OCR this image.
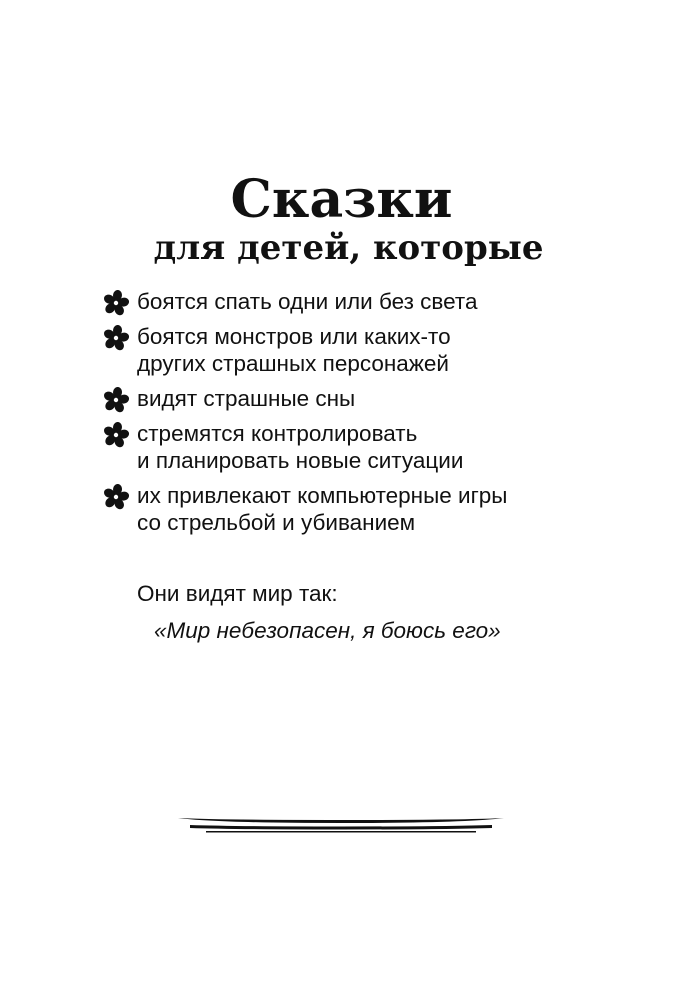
Сказки
для детей, которые
боятся спать одни или без света
боятся монстров или каких-то
других страшных персонажей
видят страшные сны
стремятся контролировать
и планировать новые ситуации
их привлекают компьютерные игры
со стрельбой и убиванием
Они видят мир так:
«Мир небезопасен, я боюсь его»
